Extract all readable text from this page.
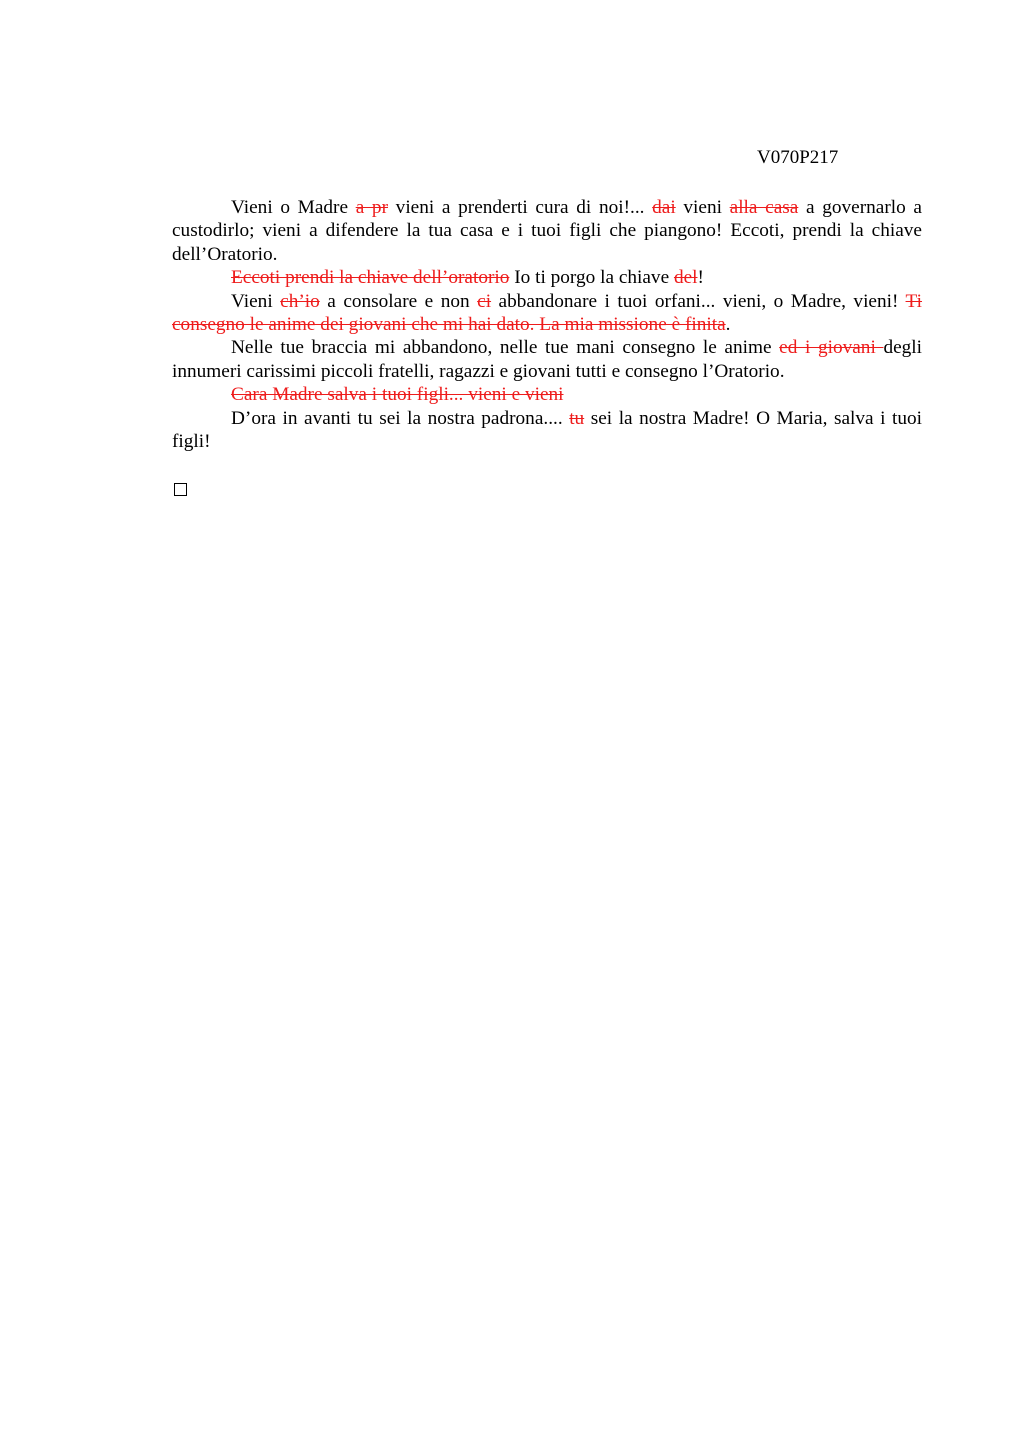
V070P217

Vieni o Madre a pr vieni a prenderti cura di noi!... dai vieni alla casa a governarlo a custodirlo; vieni a difendere la tua casa e i tuoi figli che piangono! Eccoti, prendi la chiave dell’Oratorio.

Eccoti prendi la chiave dell’oratorio Io ti porgo la chiave del!

Vieni ch’io a consolare e non ci abbandonare i tuoi orfani... vieni, o Madre, vieni! Ti consegno le anime dei giovani che mi hai dato. La mia missione è finita.

Nelle tue braccia mi abbandono, nelle tue mani consegno le anime ed i giovani degli innumeri carissimi piccoli fratelli, ragazzi e giovani tutti e consegno l’Oratorio.

Cara Madre salva i tuoi figli... vieni e vieni

D’ora in avanti tu sei la nostra padrona.... tu sei la nostra Madre! O Maria, salva i tuoi figli!
